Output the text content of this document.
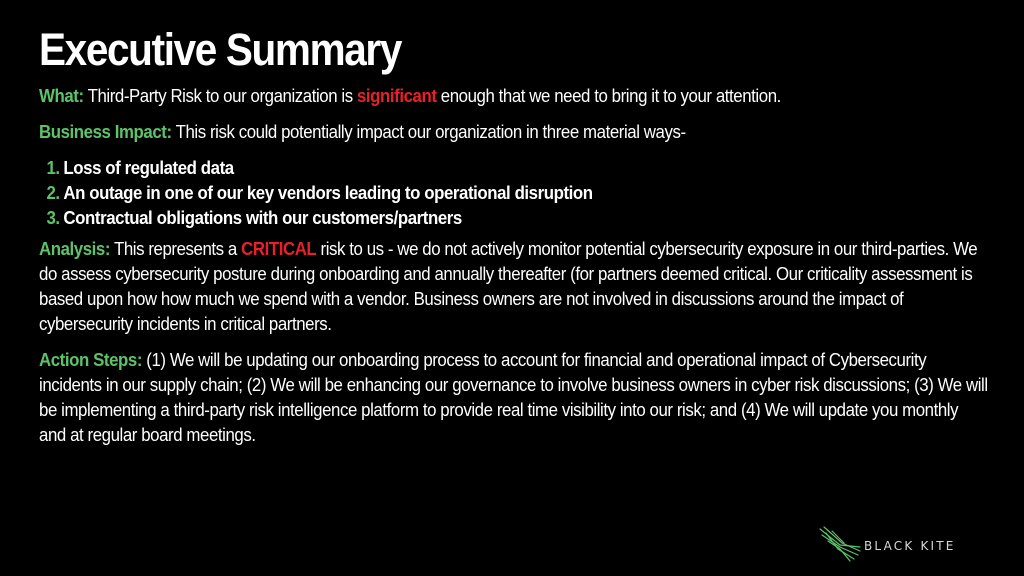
Executive Summary

What: Third-Party Risk to our organization is significant enough that we need to bring it to your attention.

Business Impact: This risk could potentially impact our organization in three material ways-

1. Loss of regulated data
2. An outage in one of our key vendors leading to operational disruption
3. Contractual obligations with our customers/partners

Analysis: This represents a CRITICAL risk to us - we do not actively monitor potential cybersecurity exposure in our third-parties. We do assess cybersecurity posture during onboarding and annually thereafter (for partners deemed critical. Our criticality assessment is based upon how how much we spend with a vendor. Business owners are not involved in discussions around the impact of cybersecurity incidents in critical partners.

Action Steps: (1) We will be updating our onboarding process to account for financial and operational impact of Cybersecurity incidents in our supply chain; (2) We will be enhancing our governance to involve business owners in cyber risk discussions; (3) We will be implementing a third-party risk intelligence platform to provide real time visibility into our risk; and (4) We will update you monthly and at regular board meetings.

BLACK KITE
